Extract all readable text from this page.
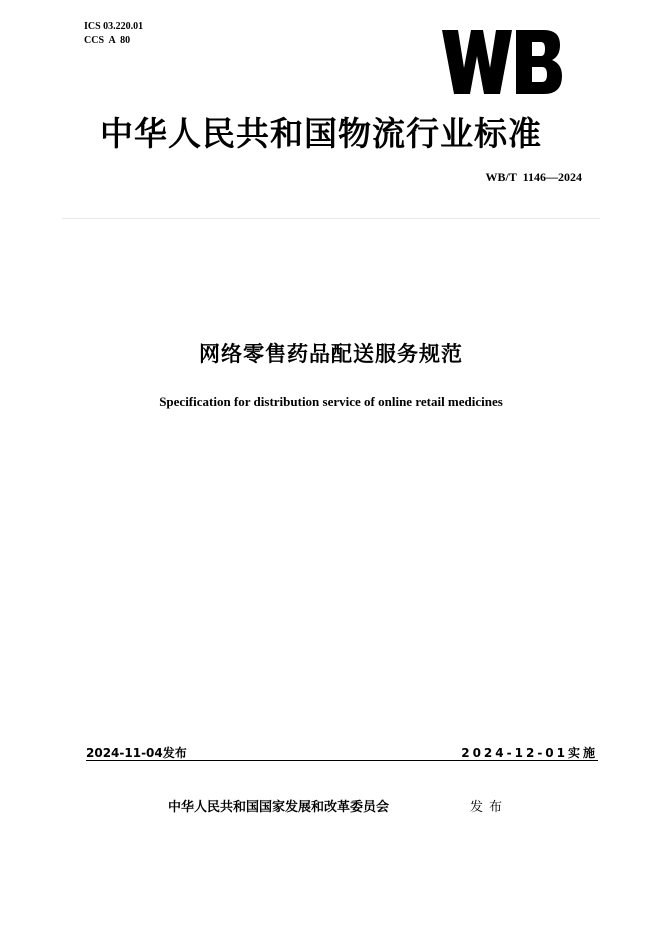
ICS 03.220.01
CCS  A  80
中华人民共和国物流行业标准
WB/T  1146—2024
网络零售药品配送服务规范
Specification for distribution service of online retail medicines
2024-11-04发布	2024-12-01实施
中华人民共和国国家发展和改革委员会	发布
